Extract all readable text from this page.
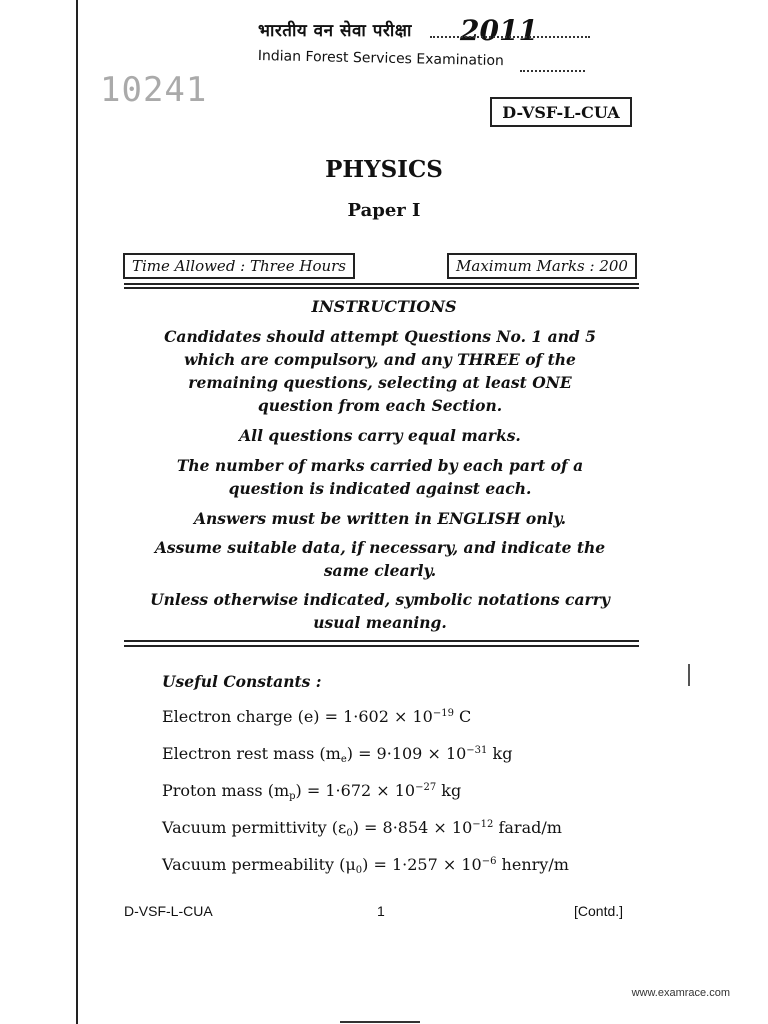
भारतीय वन सेवा परीक्षा 2011
Indian Forest Services Examination
10241
D-VSF-L-CUA
PHYSICS
Paper I
Time Allowed : Three Hours	Maximum Marks : 200
INSTRUCTIONS

Candidates should attempt Questions No. 1 and 5 which are compulsory, and any THREE of the remaining questions, selecting at least ONE question from each Section.

All questions carry equal marks.

The number of marks carried by each part of a question is indicated against each.

Answers must be written in ENGLISH only.

Assume suitable data, if necessary, and indicate the same clearly.

Unless otherwise indicated, symbolic notations carry usual meaning.

Useful Constants :
Electron charge $(e) = 1\cdot 602 \times 10^{-19}$ C
Electron rest mass $(m_e) = 9\cdot 109 \times 10^{-31}$ kg
Proton mass $(m_p) = 1\cdot 672 \times 10^{-27}$ kg
Vacuum permittivity $(\varepsilon_0) = 8\cdot 854 \times 10^{-12}$ farad/m
Vacuum permeability $(\mu_0) = 1\cdot 257 \times 10^{-6}$ henry/m
D-VSF-L-CUA	1	[Contd.]
www.examrace.com
